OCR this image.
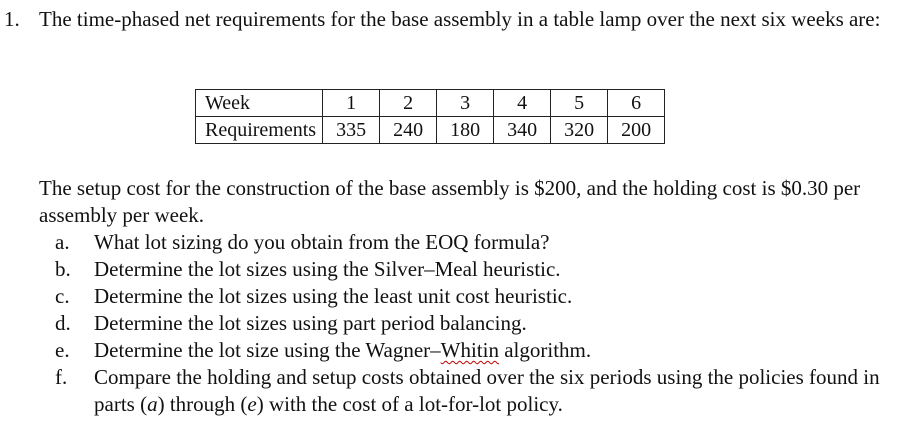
1. The time-phased net requirements for the base assembly in a table lamp over the next six weeks are:
Week	1	2	3	4	5	6
Requirements	335	240	180	340	320	200
The setup cost for the construction of the base assembly is $200, and the holding cost is $0.30 per assembly per week.
a. What lot sizing do you obtain from the EOQ formula?
b. Determine the lot sizes using the Silver–Meal heuristic.
c. Determine the lot sizes using the least unit cost heuristic.
d. Determine the lot sizes using part period balancing.
e. Determine the lot size using the Wagner–Whitin algorithm.
f. Compare the holding and setup costs obtained over the six periods using the policies found in parts (a) through (e) with the cost of a lot-for-lot policy.
